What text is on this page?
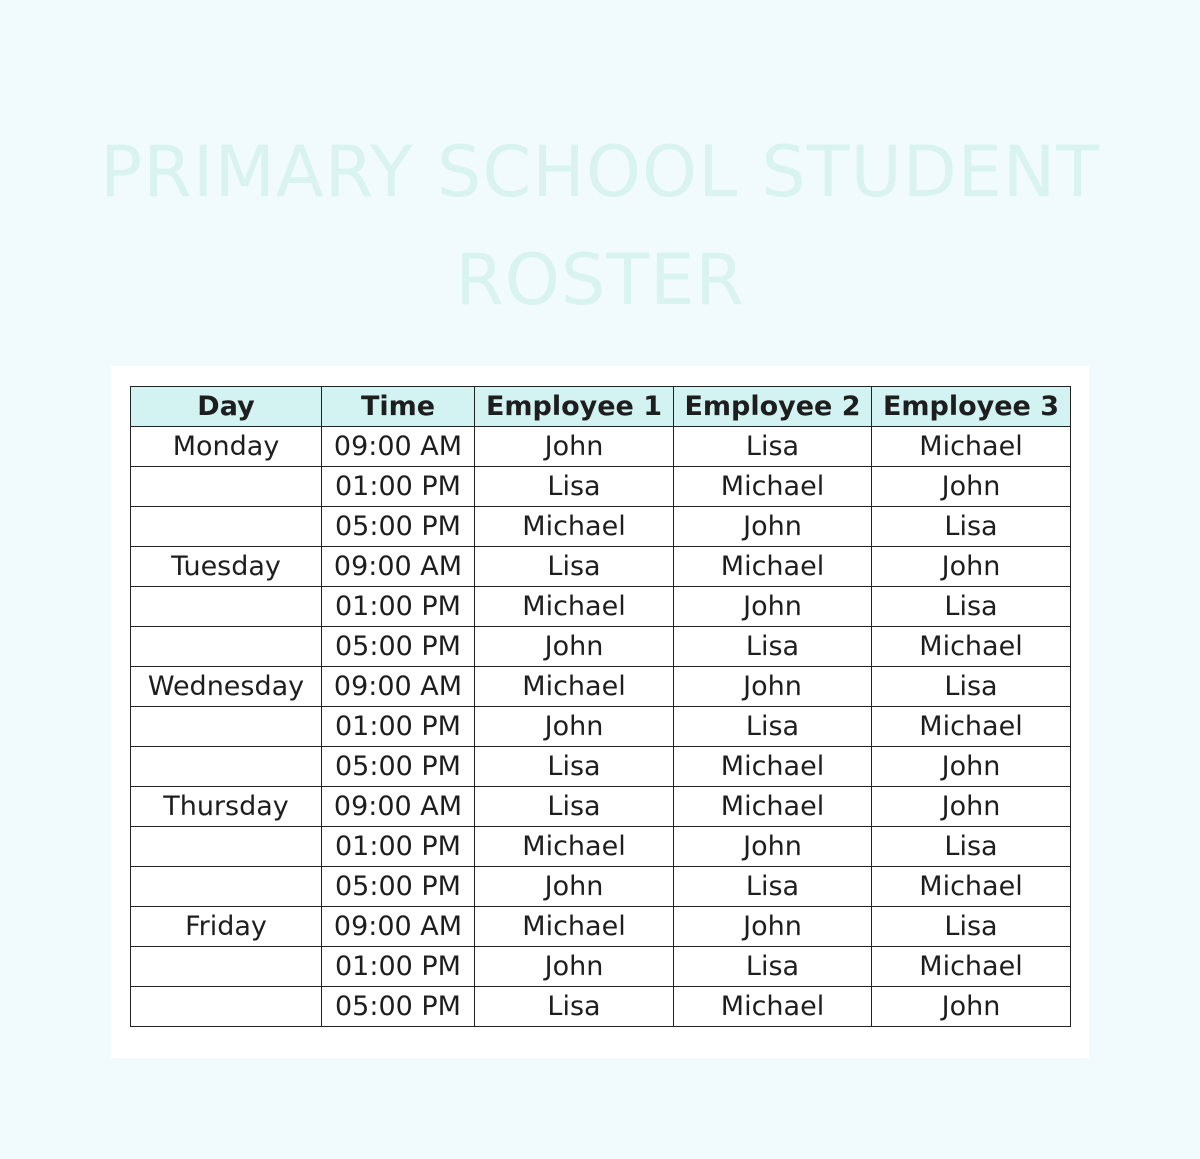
PRIMARY SCHOOL STUDENT
ROSTER
Day	Time	Employee 1	Employee 2	Employee 3
Monday	09:00 AM	John	Lisa	Michael
	01:00 PM	Lisa	Michael	John
	05:00 PM	Michael	John	Lisa
Tuesday	09:00 AM	Lisa	Michael	John
	01:00 PM	Michael	John	Lisa
	05:00 PM	John	Lisa	Michael
Wednesday	09:00 AM	Michael	John	Lisa
	01:00 PM	John	Lisa	Michael
	05:00 PM	Lisa	Michael	John
Thursday	09:00 AM	Lisa	Michael	John
	01:00 PM	Michael	John	Lisa
	05:00 PM	John	Lisa	Michael
Friday	09:00 AM	Michael	John	Lisa
	01:00 PM	John	Lisa	Michael
	05:00 PM	Lisa	Michael	John
